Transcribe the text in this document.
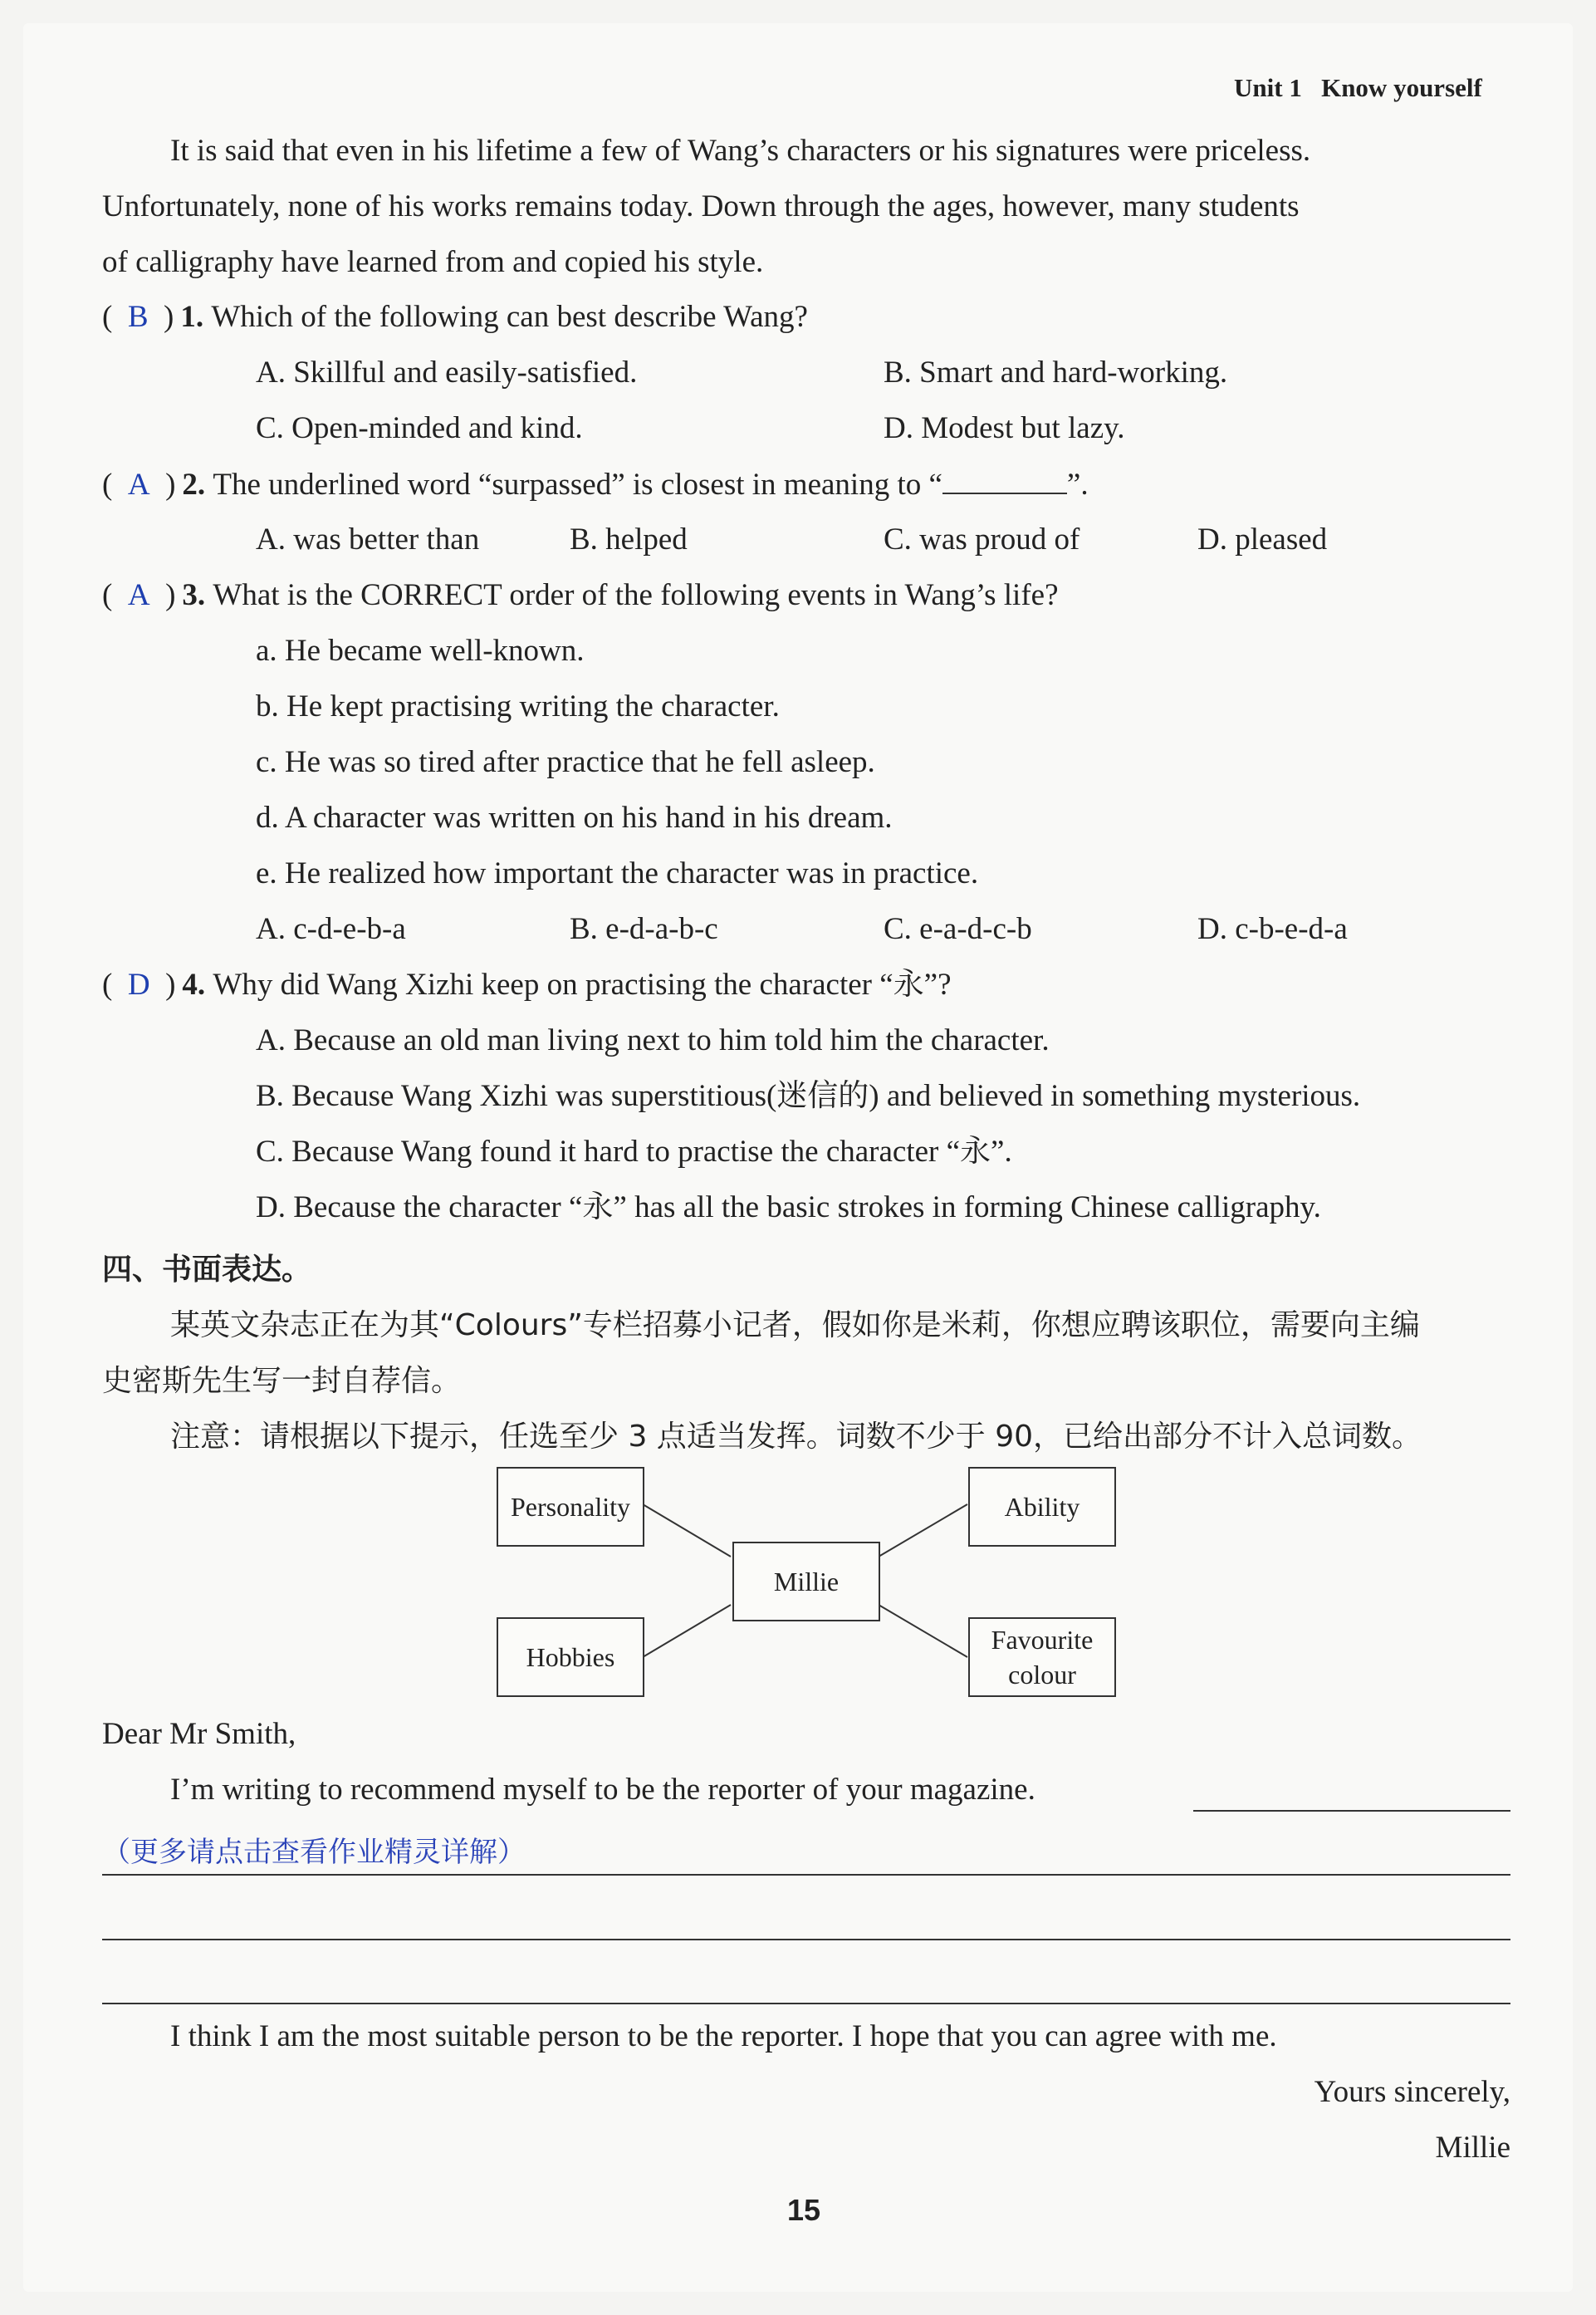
Unit 1 Know yourself
It is said that even in his lifetime a few of Wang’s characters or his signatures were priceless.
Unfortunately, none of his works remains today. Down through the ages, however, many students
of calligraphy have learned from and copied his style.
( B ) 1. Which of the following can best describe Wang?
A. Skillful and easily-satisfied.	B. Smart and hard-working.
C. Open-minded and kind.	D. Modest but lazy.
( A ) 2. The underlined word “surpassed” is closest in meaning to “	”.
A. was better than	B. helped	C. was proud of	D. pleased
( A ) 3. What is the CORRECT order of the following events in Wang’s life?
a. He became well-known.
b. He kept practising writing the character.
c. He was so tired after practice that he fell asleep.
d. A character was written on his hand in his dream.
e. He realized how important the character was in practice.
A. c-d-e-b-a	B. e-d-a-b-c	C. e-a-d-c-b	D. c-b-e-d-a
( D ) 4. Why did Wang Xizhi keep on practising the character “永”?
A. Because an old man living next to him told him the character.
B. Because Wang Xizhi was superstitious(迷信的) and believed in something mysterious.
C. Because Wang found it hard to practise the character “永”.
D. Because the character “永” has all the basic strokes in forming Chinese calligraphy.
四、书面表达。
某英文杂志正在为其“Colours”专栏招募小记者，假如你是米莉，你想应聘该职位，需要向主编
史密斯先生写一封自荐信。
注意：请根据以下提示，任选至少 3 点适当发挥。词数不少于 90，已给出部分不计入总词数。
Personality	Ability
Millie
Hobbies
Favourite
colour
Dear Mr Smith,
I’m writing to recommend myself to be the reporter of your magazine.
（更多请点击查看作业精灵详解）
I think I am the most suitable person to be the reporter. I hope that you can agree with me.
Yours sincerely,
Millie
15
